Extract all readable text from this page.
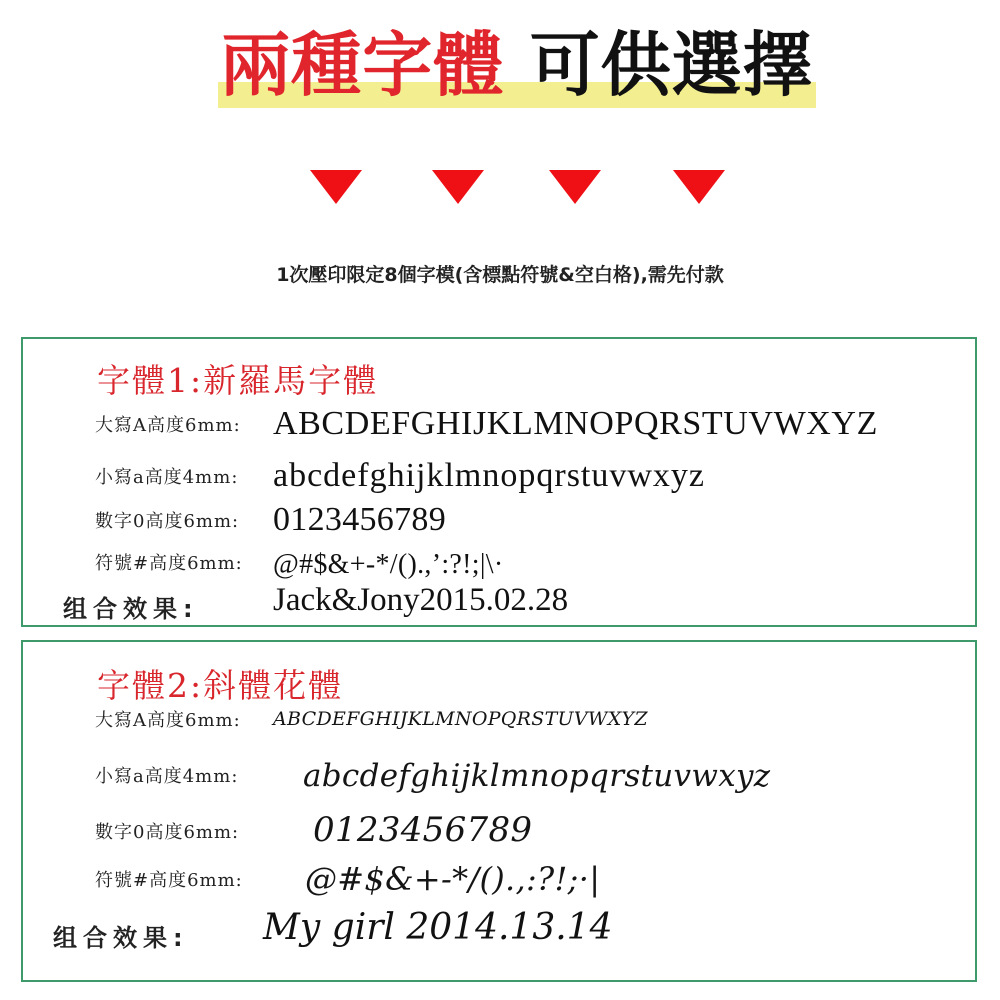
兩種字體 可供選擇
1次壓印限定8個字模(含標點符號&空白格),需先付款
字體1:新羅馬字體
大寫A高度6mm: ABCDEFGHIJKLMNOPQRSTUVWXYZ
小寫a高度4mm: abcdefghijklmnopqrstuvwxyz
數字0高度6mm: 0123456789
符號#高度6mm: @#$&+-*/().,’:?!;|\·
组合效果: Jack&Jony2015.02.28
字體2:斜體花體
大寫A高度6mm: ABCDEFGHIJKLMNOPQRSTUVWXYZ
小寫a高度4mm: abcdefghijklmnopqrstuvwxyz
數字0高度6mm: 0123456789
符號#高度6mm: @#$&+-*/().,:?!;·|
组合效果: My girl 2014.13.14
